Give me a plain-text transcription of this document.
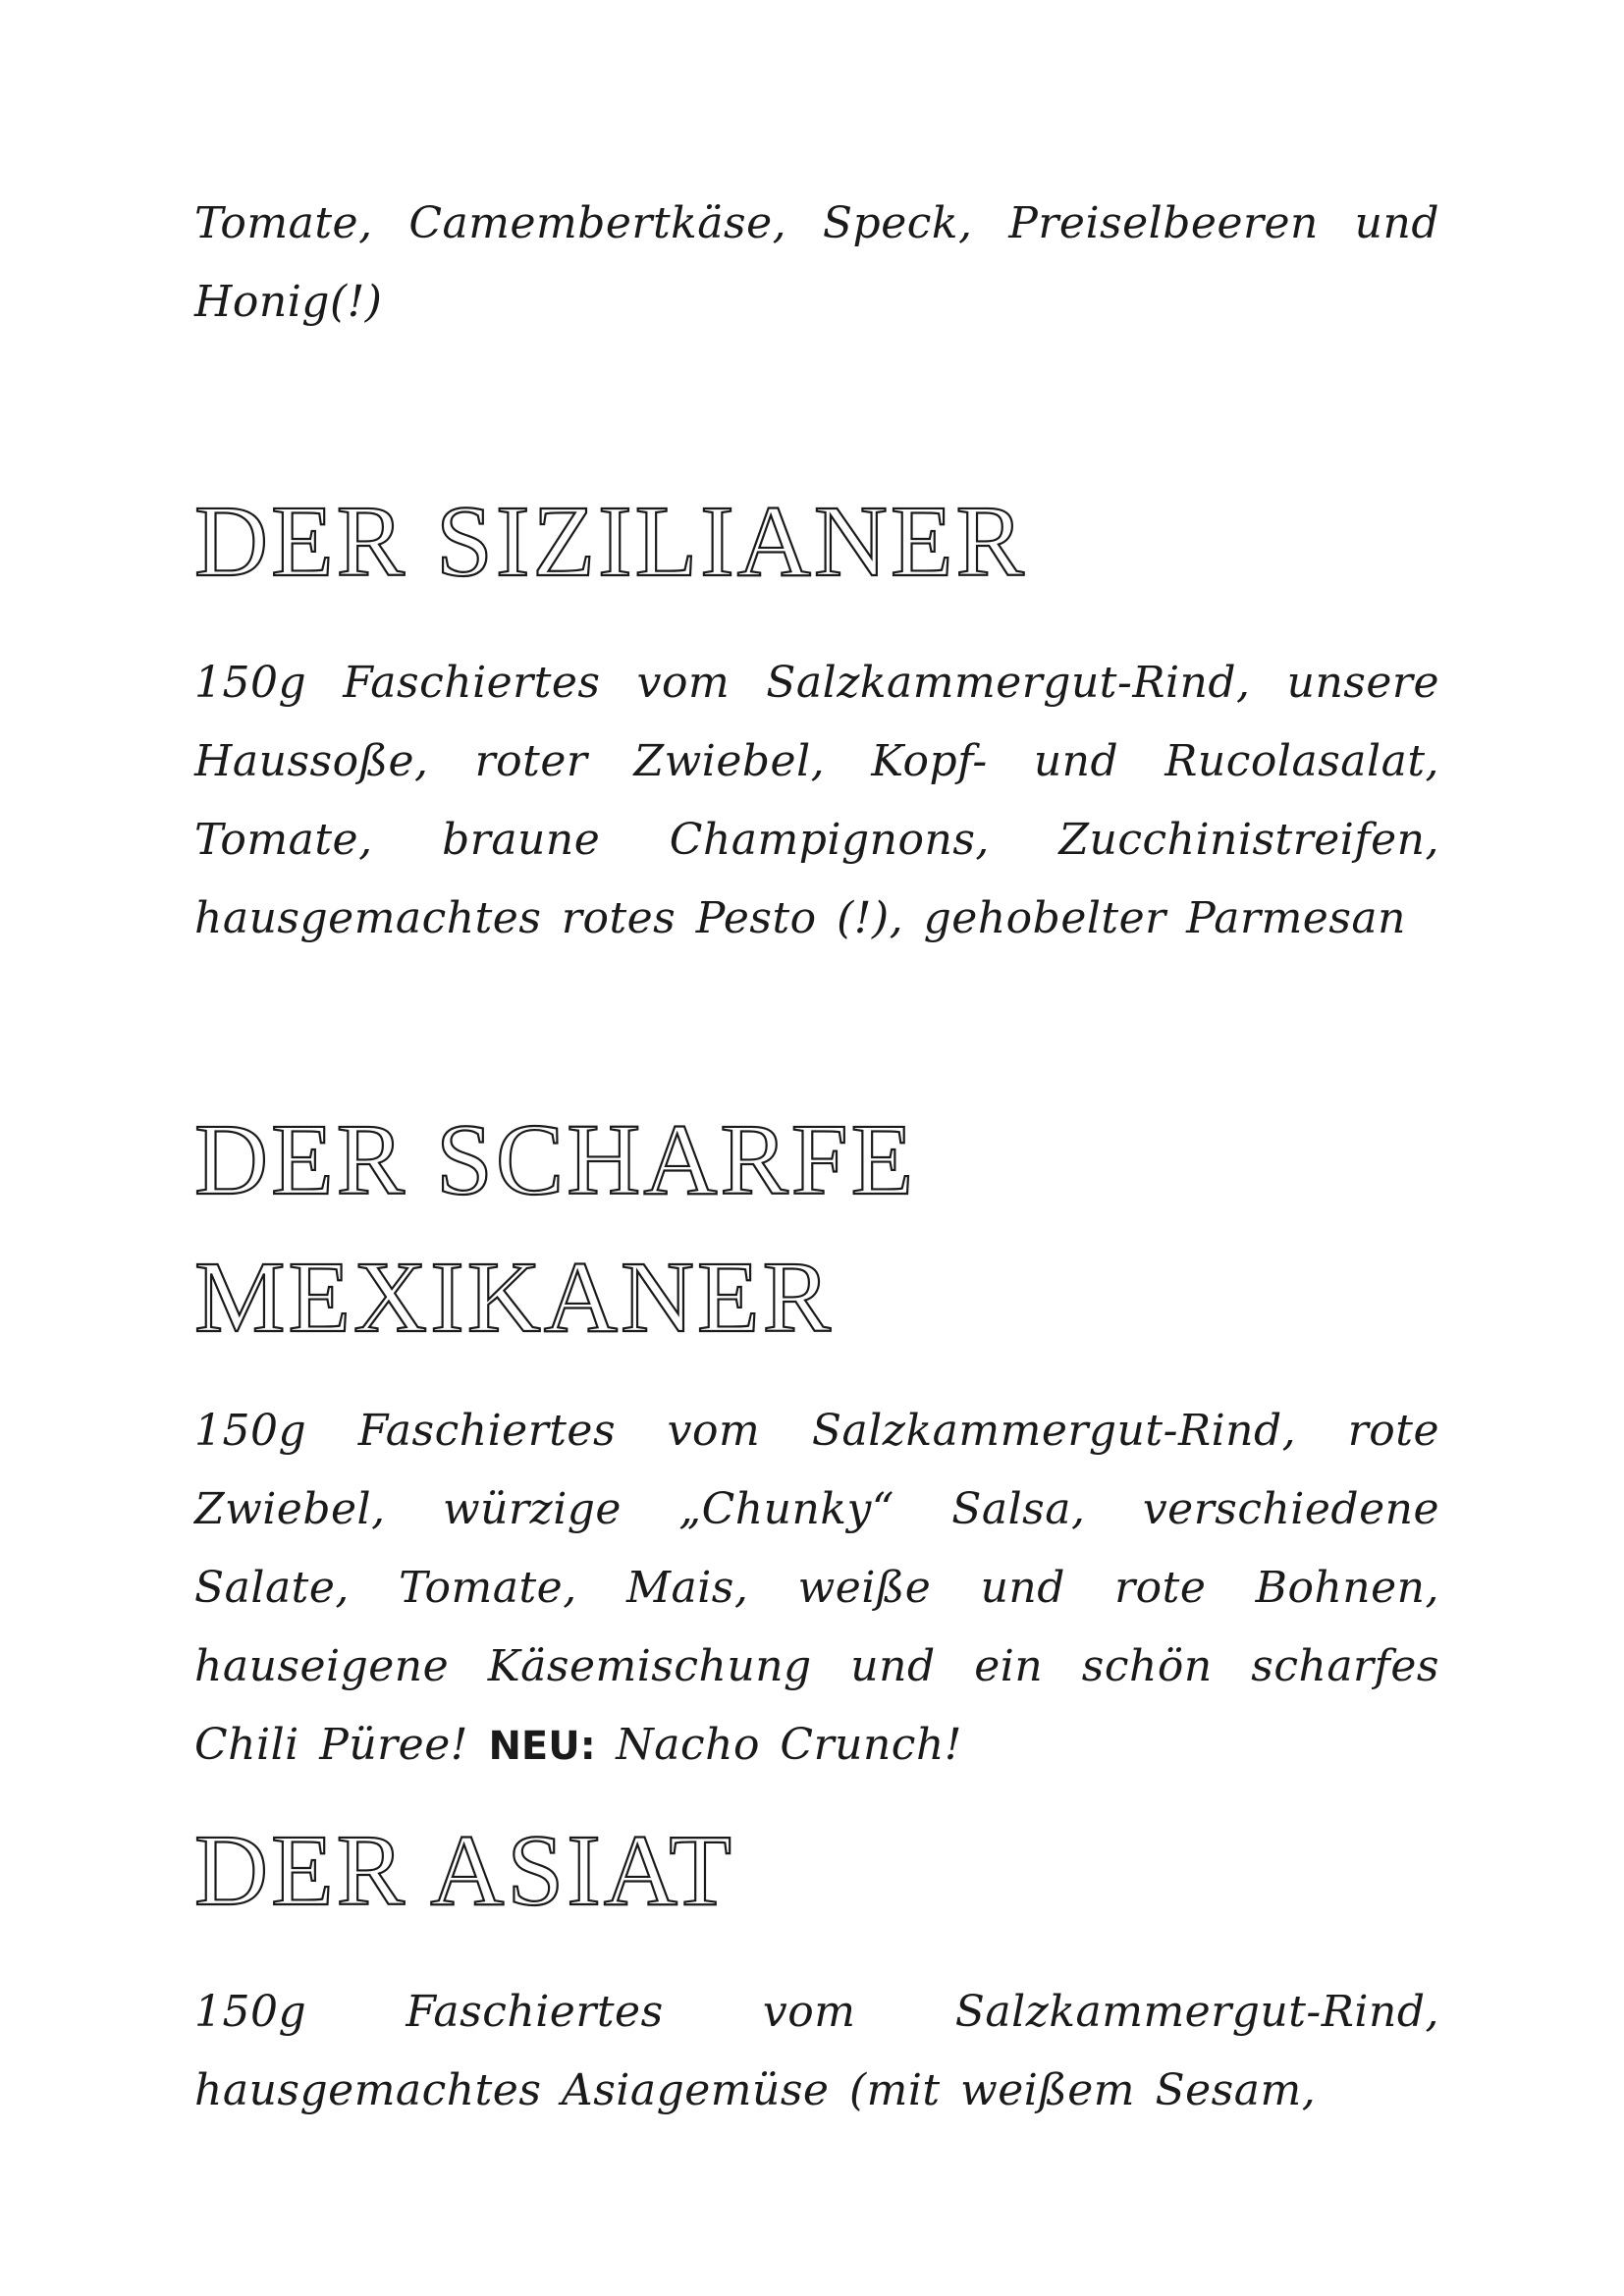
Tomate, Camembertkäse, Speck, Preiselbeeren und Honig(!)

DER SIZILIANER

150g Faschiertes vom Salzkammergut-Rind, unsere Haussoße, roter Zwiebel, Kopf- und Rucolasalat, Tomate, braune Champignons, Zucchinistreifen, hausgemachtes rotes Pesto (!), gehobelter Parmesan

DER SCHARFE
MEXIKANER

150g Faschiertes vom Salzkammergut-Rind, rote Zwiebel, würzige „Chunky“ Salsa, verschiedene Salate, Tomate, Mais, weiße und rote Bohnen, hauseigene Käsemischung und ein schön scharfes Chili Püree! NEU: Nacho Crunch!

DER ASIAT

150g Faschiertes vom Salzkammergut-Rind, hausgemachtes Asiagemüse (mit weißem Sesam,
